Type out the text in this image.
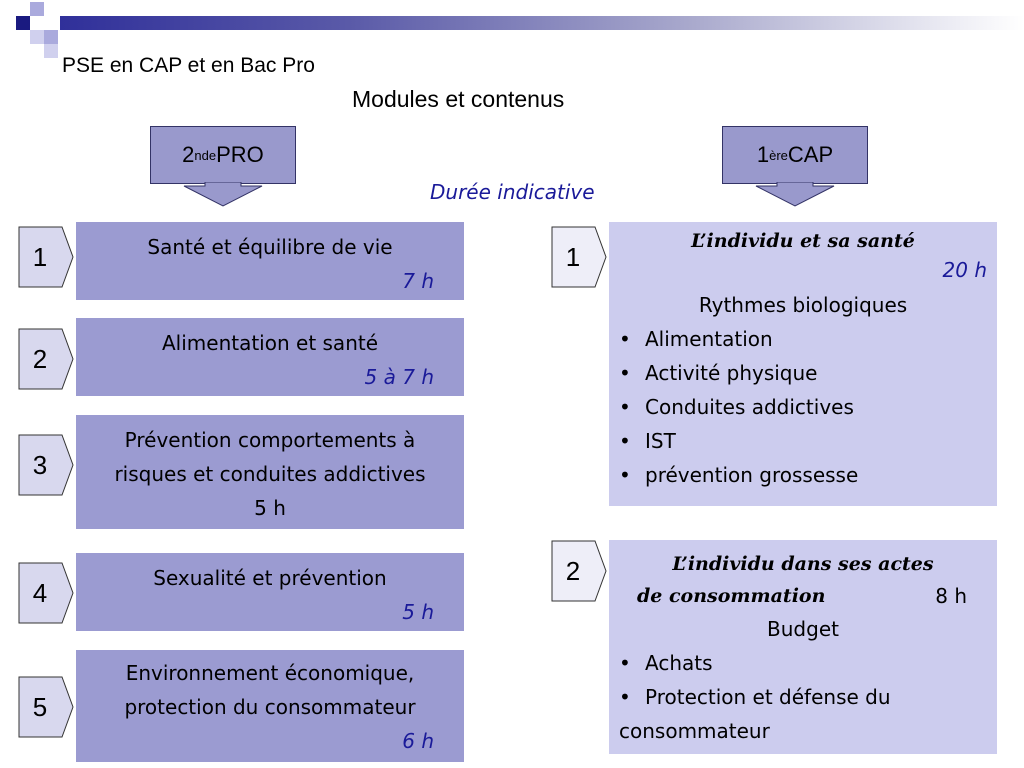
PSE en CAP et en Bac Pro
Modules et contenus
2 nde PRO	1 ère CAP
Durée indicative
1	Santé et équilibre de vie
7 h
2
Alimentation et santé
5 à 7 h
3
Prévention comportements à
risques et conduites addictives
5 h
4	Sexualité et prévention
5 h
5
Environnement économique,
protection du consommateur
6 h
1
L’individu et sa santé
20 h
Rythmes biologiques
• Alimentation
• Activité physique
• Conduites addictives
• IST
• prévention grossesse
2	L’individu dans ses actes
de consommation	8 h
Budget
• Achats
• Protection et défense du
consommateur
